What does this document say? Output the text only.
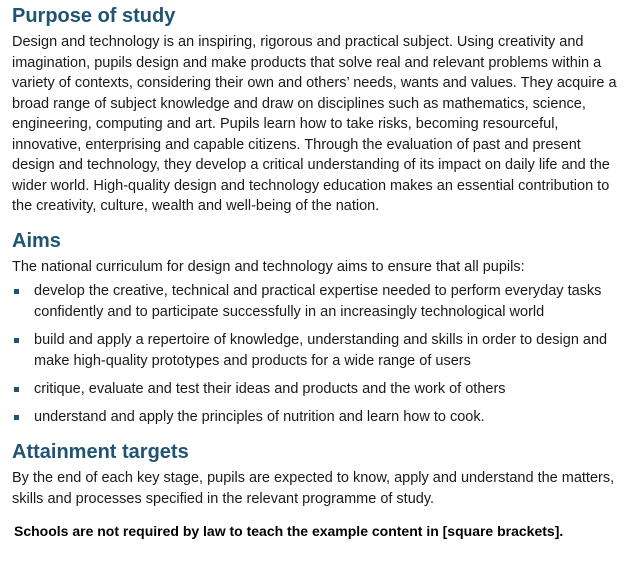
Purpose of study

Design and technology is an inspiring, rigorous and practical subject. Using creativity and imagination, pupils design and make products that solve real and relevant problems within a variety of contexts, considering their own and others’ needs, wants and values. They acquire a broad range of subject knowledge and draw on disciplines such as mathematics, science, engineering, computing and art. Pupils learn how to take risks, becoming resourceful, innovative, enterprising and capable citizens. Through the evaluation of past and present design and technology, they develop a critical understanding of its impact on daily life and the wider world. High-quality design and technology education makes an essential contribution to the creativity, culture, wealth and well-being of the nation.

Aims

The national curriculum for design and technology aims to ensure that all pupils:

develop the creative, technical and practical expertise needed to perform everyday tasks confidently and to participate successfully in an increasingly technological world
build and apply a repertoire of knowledge, understanding and skills in order to design and make high-quality prototypes and products for a wide range of users
critique, evaluate and test their ideas and products and the work of others
understand and apply the principles of nutrition and learn how to cook.
Attainment targets

By the end of each key stage, pupils are expected to know, apply and understand the matters, skills and processes specified in the relevant programme of study.

Schools are not required by law to teach the example content in [square brackets].
